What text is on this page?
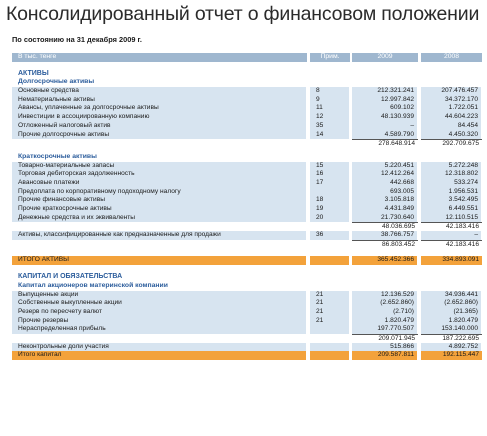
Консолидированный отчет о финансовом положении
По состоянию на 31 декабря 2009 г.
В тыс. тенге	Прим.	2009	2008
АКТИВЫ
Долгосрочные активы
Основные средства	8	212.321.241	207.476.457
Нематериальные активы	9	12.997.842	34.372.170
Авансы, уплаченные за долгосрочные активы	11	609.102	1.722.051
Инвестиции в ассоциированную компанию	12	48.130.939	44.604.223
Отложенный налоговый актив	35	–	84.454
Прочие долгосрочные активы	14	4.589.790	4.450.320
278.648.914	292.709.675
Краткосрочные активы
Товарно-материальные запасы	15	5.220.451	5.272.248
Торговая дебиторская задолженность	16	12.412.264	12.318.802
Авансовые платежи	17	442.668	533.274
Предоплата по корпоративному подоходному налогу	693.005	1.956.531
Прочие финансовые активы	18	3.105.818	3.542.495
Прочие краткосрочные активы	19	4.431.849	6.449.551
Денежные средства и их эквиваленты	20	21.730.640	12.110.515
48.036.695	42.183.416
Активы, классифицированные как предназначенные для продажи	36	38.766.757	–
86.803.452	42.183.416
ИТОГО АКТИВЫ	365.452.366	334.893.091
КАПИТАЛ И ОБЯЗАТЕЛЬСТВА
Капитал акционеров материнской компании
Выпущенные акции	21	12.136.529	34.936.441
Собственные выкупленные акции	21	(2.652.860)	(2.652.860)
Резерв по пересчету валют	21	(2.710)	(21.365)
Прочие резервы	21	1.820.479	1.820.479
Нераспределенная прибыль	197.770.507	153.140.000
209.071.945	187.222.695
Неконтрольные доли участия	515.866	4.892.752
Итого капитал	209.587.811	192.115.447
